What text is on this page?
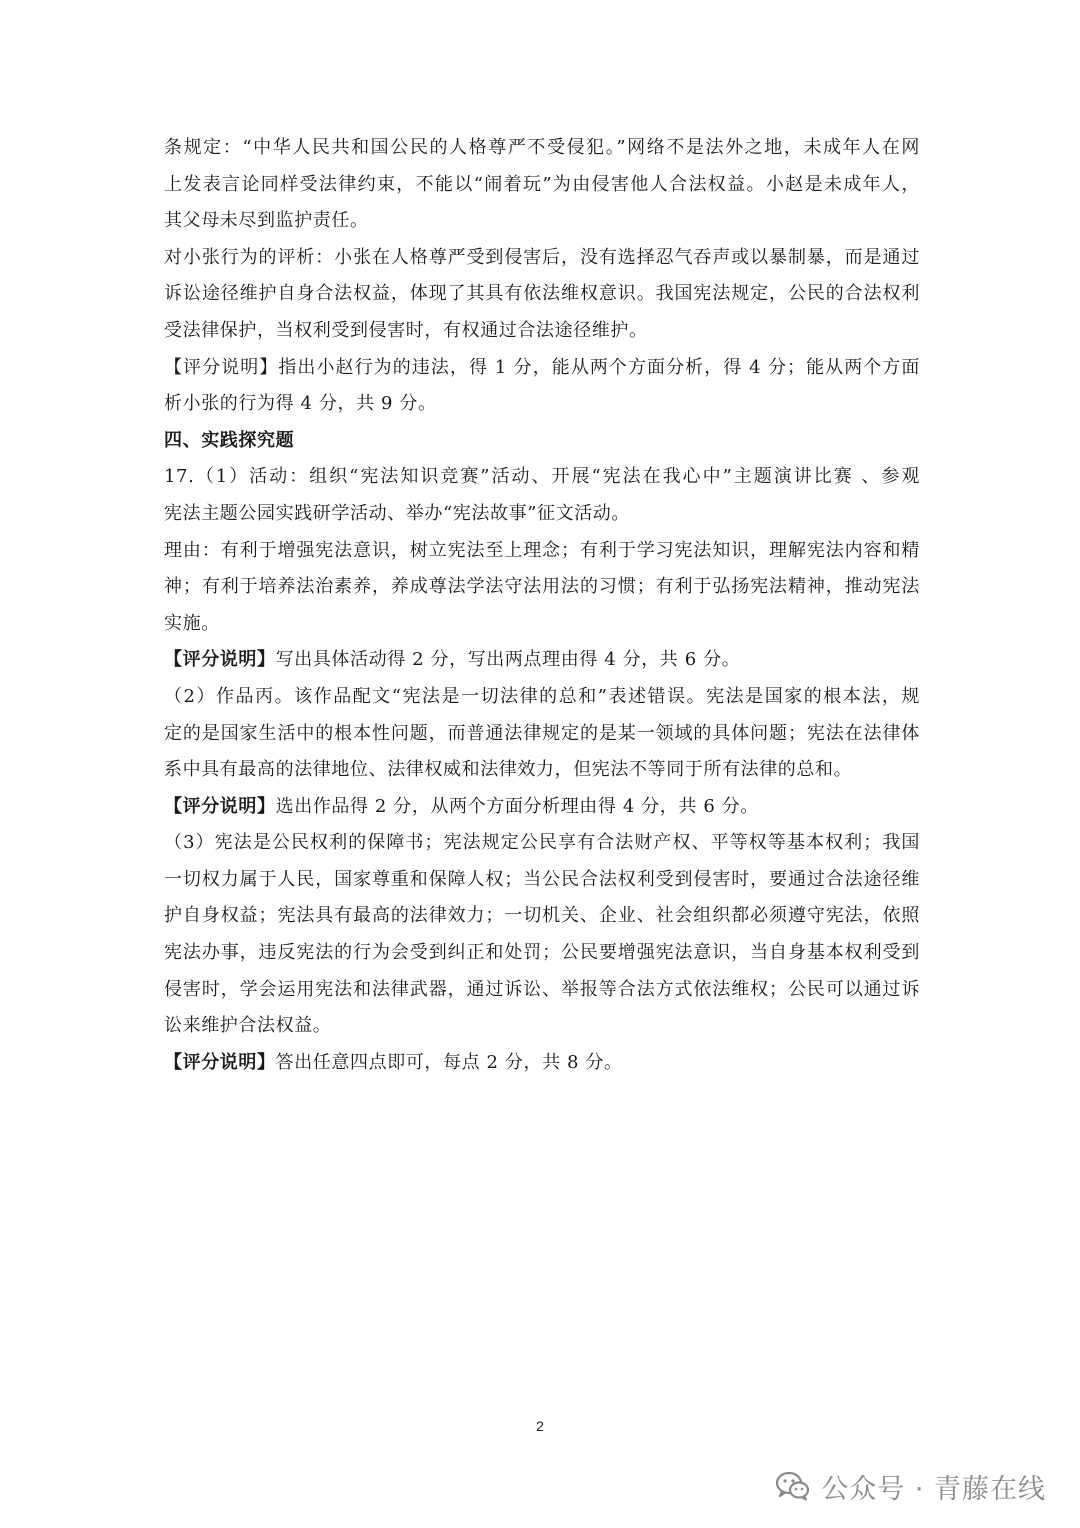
条规定：“中华人民共和国公民的人格尊严不受侵犯。”网络不是法外之地，未成年人在网
上发表言论同样受法律约束，不能以“闹着玩”为由侵害他人合法权益。小赵是未成年人，
其父母未尽到监护责任。
对小张行为的评析：小张在人格尊严受到侵害后，没有选择忍气吞声或以暴制暴，而是通过
诉讼途径维护自身合法权益，体现了其具有依法维权意识。我国宪法规定，公民的合法权利
受法律保护，当权利受到侵害时，有权通过合法途径维护。
【评分说明】指出小赵行为的违法，得 1 分，能从两个方面分析，得 4 分；能从两个方面
析小张的行为得 4 分，共 9 分。
四、实践探究题
17.（1）活动：组织“宪法知识竞赛”活动、开展“宪法在我心中”主题演讲比赛 、参观
宪法主题公园实践研学活动、举办“宪法故事”征文活动。
理由：有利于增强宪法意识，树立宪法至上理念；有利于学习宪法知识，理解宪法内容和精
神；有利于培养法治素养，养成尊法学法守法用法的习惯；有利于弘扬宪法精神，推动宪法
实施。
【评分说明】写出具体活动得 2 分，写出两点理由得 4 分，共 6 分。
（2）作品丙。该作品配文“宪法是一切法律的总和”表述错误。宪法是国家的根本法，规
定的是国家生活中的根本性问题，而普通法律规定的是某一领域的具体问题；宪法在法律体
系中具有最高的法律地位、法律权威和法律效力，但宪法不等同于所有法律的总和。
【评分说明】选出作品得 2 分，从两个方面分析理由得 4 分，共 6 分。
（3）宪法是公民权利的保障书；宪法规定公民享有合法财产权、平等权等基本权利；我国
一切权力属于人民，国家尊重和保障人权；当公民合法权利受到侵害时，要通过合法途径维
护自身权益；宪法具有最高的法律效力；一切机关、企业、社会组织都必须遵守宪法，依照
宪法办事，违反宪法的行为会受到纠正和处罚；公民要增强宪法意识，当自身基本权利受到
侵害时，学会运用宪法和法律武器，通过诉讼、举报等合法方式依法维权；公民可以通过诉
讼来维护合法权益。
【评分说明】答出任意四点即可，每点 2 分，共 8 分。
2
公众号 · 青藤在线
